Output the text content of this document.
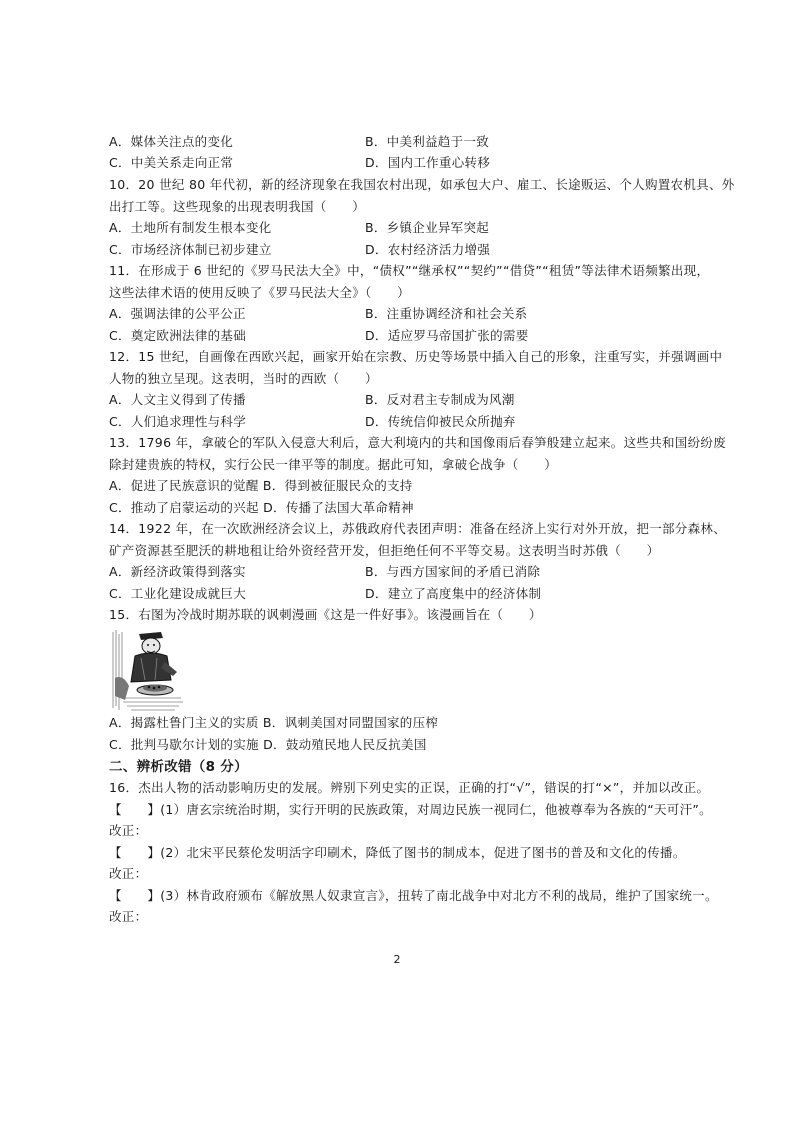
A．媒体关注点的变化	B．中美利益趋于一致
C．中美关系走向正常	D．国内工作重心转移
10．20 世纪 80 年代初，新的经济现象在我国农村出现，如承包大户、雇工、长途贩运、个人购置农机具、外
出打工等。这些现象的出现表明我国（　　）
A．土地所有制发生根本变化	B．乡镇企业异军突起
C．市场经济体制已初步建立	D．农村经济活力增强
11．在形成于 6 世纪的《罗马民法大全》中，“债权”“继承权”“契约”“借贷”“租赁”等法律术语频繁出现，
这些法律术语的使用反映了《罗马民法大全》（　　）
A．强调法律的公平公正	B．注重协调经济和社会关系
C．奠定欧洲法律的基础	D．适应罗马帝国扩张的需要
12．15 世纪，自画像在西欧兴起，画家开始在宗教、历史等场景中插入自己的形象，注重写实，并强调画中
人物的独立呈现。这表明，当时的西欧（　　）
A．人文主义得到了传播	B．反对君主专制成为风潮
C．人们追求理性与科学	D．传统信仰被民众所抛弃
13．1796 年，拿破仑的军队入侵意大利后，意大利境内的共和国像雨后春笋般建立起来。这些共和国纷纷废
除封建贵族的特权，实行公民一律平等的制度。据此可知，拿破仑战争（　　）
A．促进了民族意识的觉醒 B．得到被征服民众的支持
C．推动了启蒙运动的兴起 D．传播了法国大革命精神
14．1922 年，在一次欧洲经济会议上，苏俄政府代表团声明：准备在经济上实行对外开放，把一部分森林、
矿产资源甚至肥沃的耕地租让给外资经营开发，但拒绝任何不平等交易。这表明当时苏俄（　　）
A．新经济政策得到落实	B．与西方国家间的矛盾已消除
C．工业化建设成就巨大	D．建立了高度集中的经济体制
15．右图为冷战时期苏联的讽刺漫画《这是一件好事》。该漫画旨在（　　）
A．揭露杜鲁门主义的实质 B．讽刺美国对同盟国家的压榨
C．批判马歇尔计划的实施 D．鼓动殖民地人民反抗美国
二、辨析改错（8 分）
16．杰出人物的活动影响历史的发展。辨别下列史实的正误，正确的打“√”，错误的打“×”，并加以改正。
【　　】(1）唐玄宗统治时期，实行开明的民族政策，对周边民族一视同仁，他被尊奉为各族的“天可汗”。
改正：
【　　】(2）北宋平民蔡伦发明活字印刷术，降低了图书的制成本，促进了图书的普及和文化的传播。
改正：
【　　】(3）林肯政府颁布《解放黑人奴隶宣言》，扭转了南北战争中对北方不利的战局，维护了国家统一。
改正：
2
